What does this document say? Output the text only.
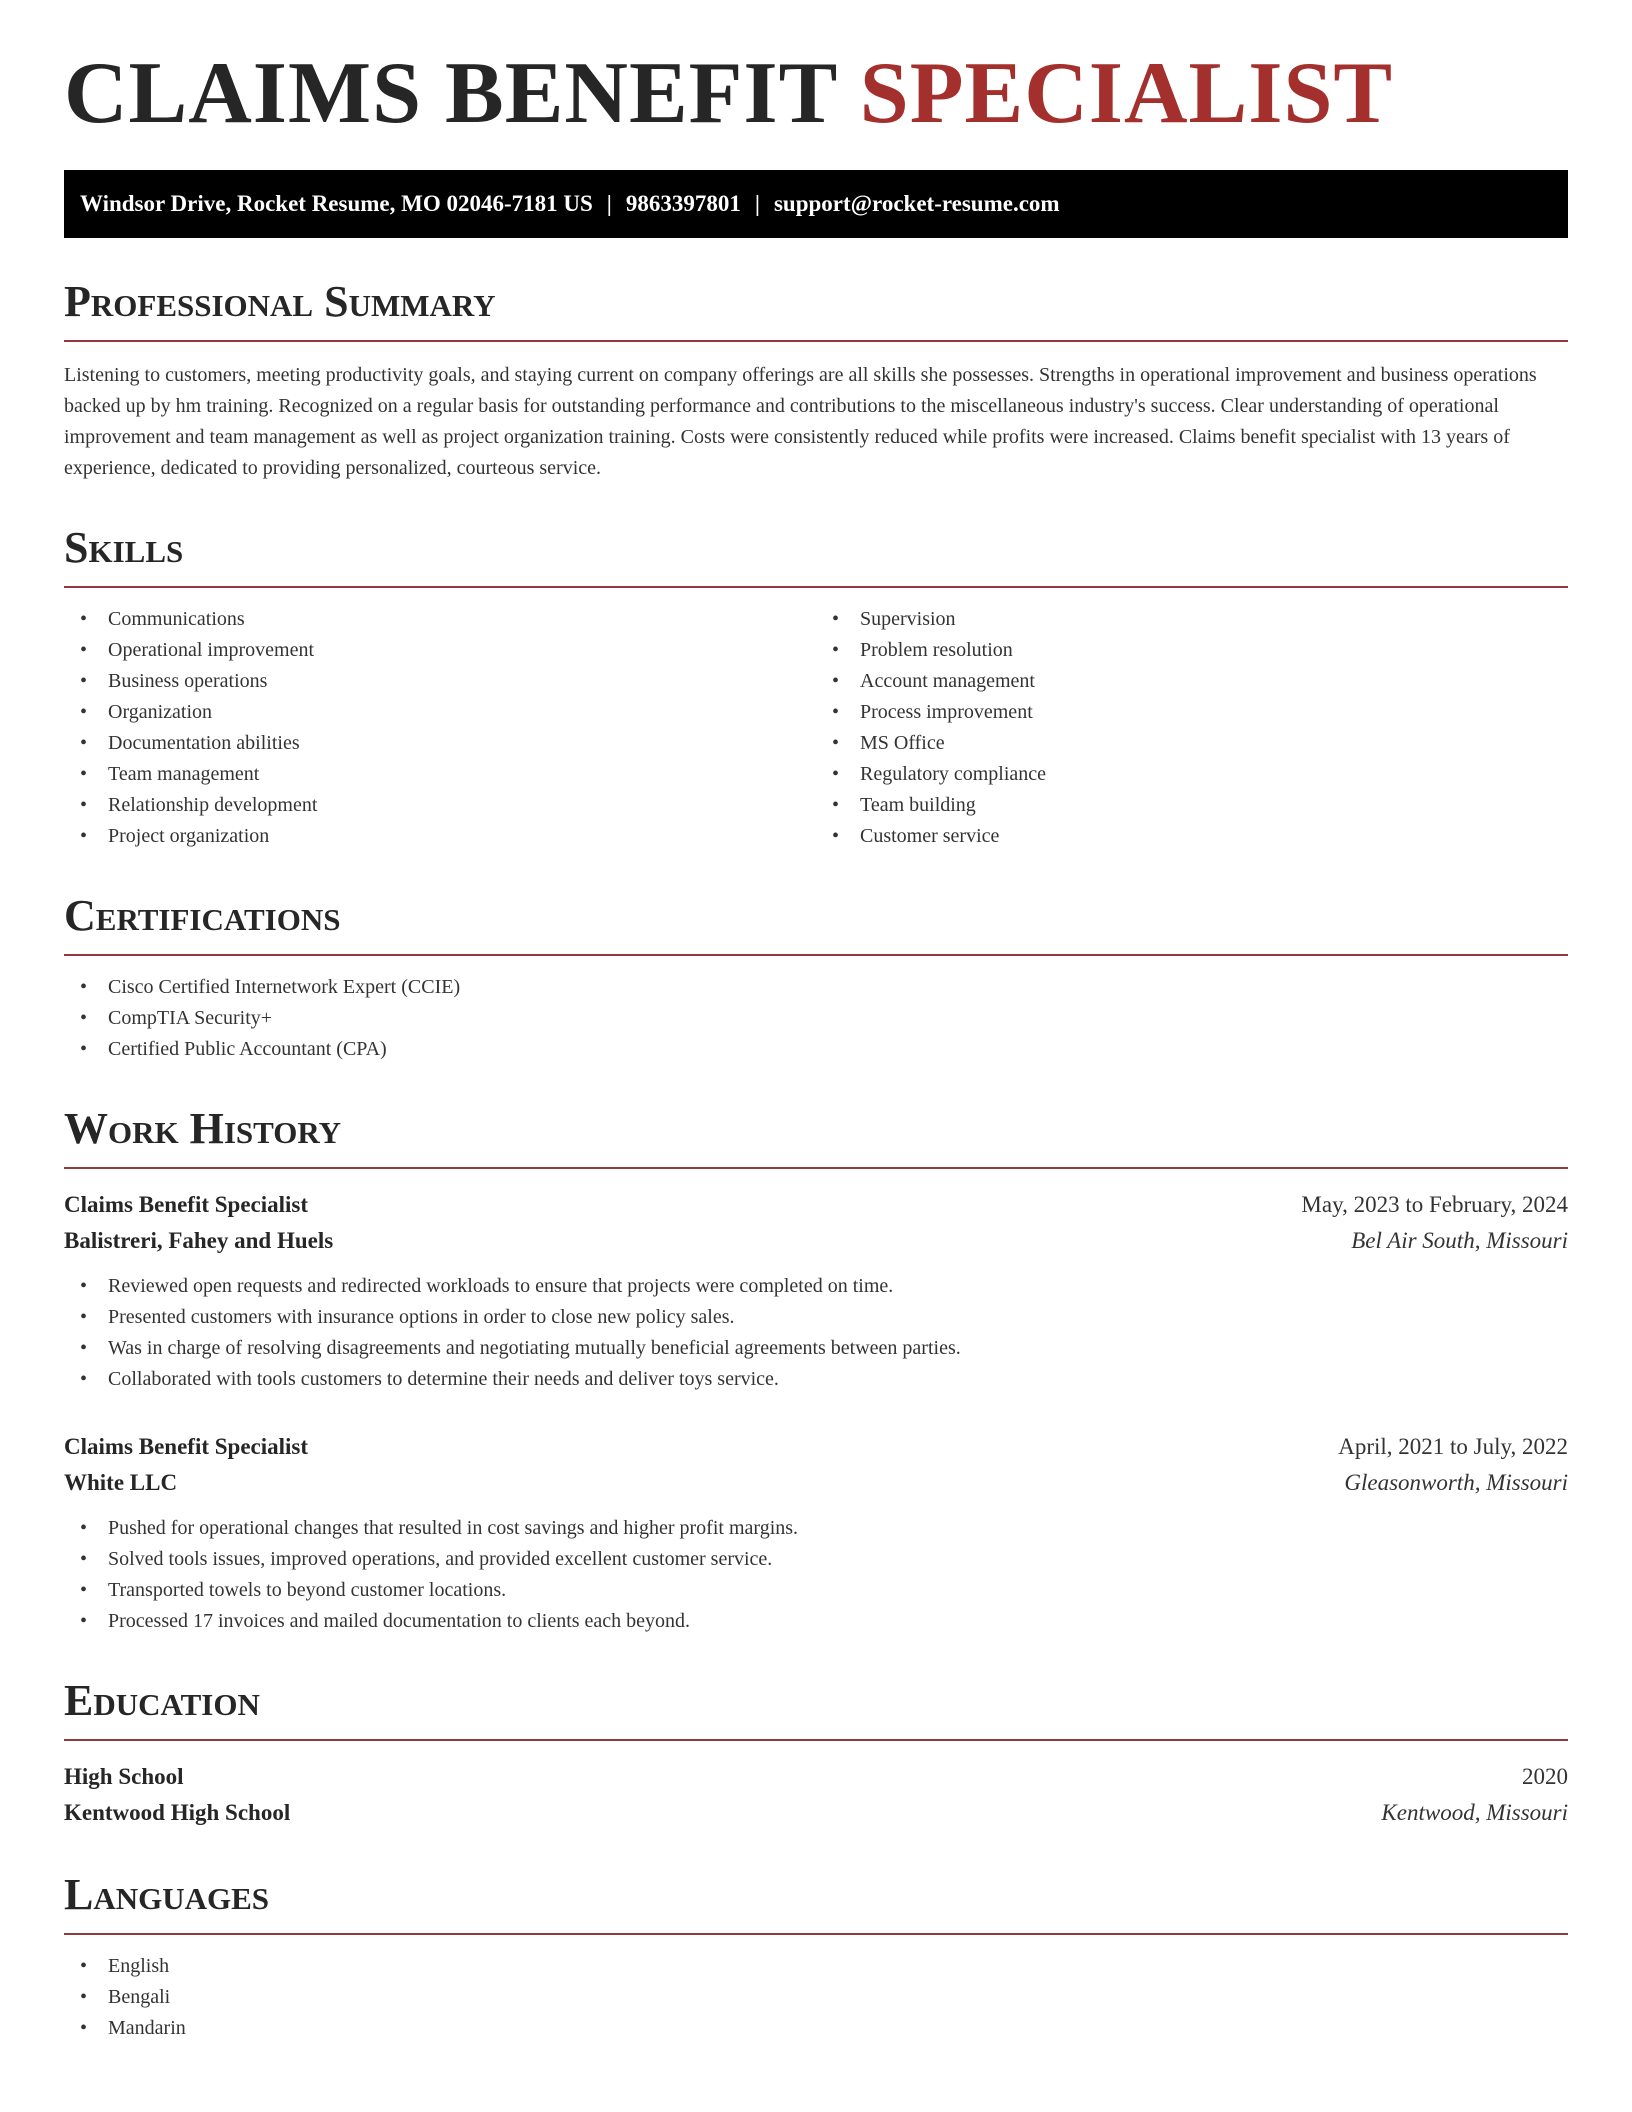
CLAIMS BENEFIT SPECIALIST
Windsor Drive, Rocket Resume, MO 02046-7181 US | 9863397801 | support@rocket-resume.com
Professional Summary

Listening to customers, meeting productivity goals, and staying current on company offerings are all skills she possesses. Strengths in operational improvement and business operations backed up by hm training. Recognized on a regular basis for outstanding performance and contributions to the miscellaneous industry's success. Clear understanding of operational improvement and team management as well as project organization training. Costs were consistently reduced while profits were increased. Claims benefit specialist with 13 years of experience, dedicated to providing personalized, courteous service.

Skills
• Communications
• Operational improvement
• Business operations
• Organization
• Documentation abilities
• Team management
• Relationship development
• Project organization
• Supervision
• Problem resolution
• Account management
• Process improvement
• MS Office
• Regulatory compliance
• Team building
• Customer service
Certifications
• Cisco Certified Internetwork Expert (CCIE)
• CompTIA Security+
• Certified Public Accountant (CPA)
Work History
Claims Benefit Specialist	May, 2023 to February, 2024
Balistreri, Fahey and Huels	Bel Air South, Missouri
• Reviewed open requests and redirected workloads to ensure that projects were completed on time.
• Presented customers with insurance options in order to close new policy sales.
• Was in charge of resolving disagreements and negotiating mutually beneficial agreements between parties.
• Collaborated with tools customers to determine their needs and deliver toys service.
Claims Benefit Specialist	April, 2021 to July, 2022
White LLC	Gleasonworth, Missouri
• Pushed for operational changes that resulted in cost savings and higher profit margins.
• Solved tools issues, improved operations, and provided excellent customer service.
• Transported towels to beyond customer locations.
• Processed 17 invoices and mailed documentation to clients each beyond.
Education
High School	2020
Kentwood High School	Kentwood, Missouri
Languages
• English
• Bengali
• Mandarin
